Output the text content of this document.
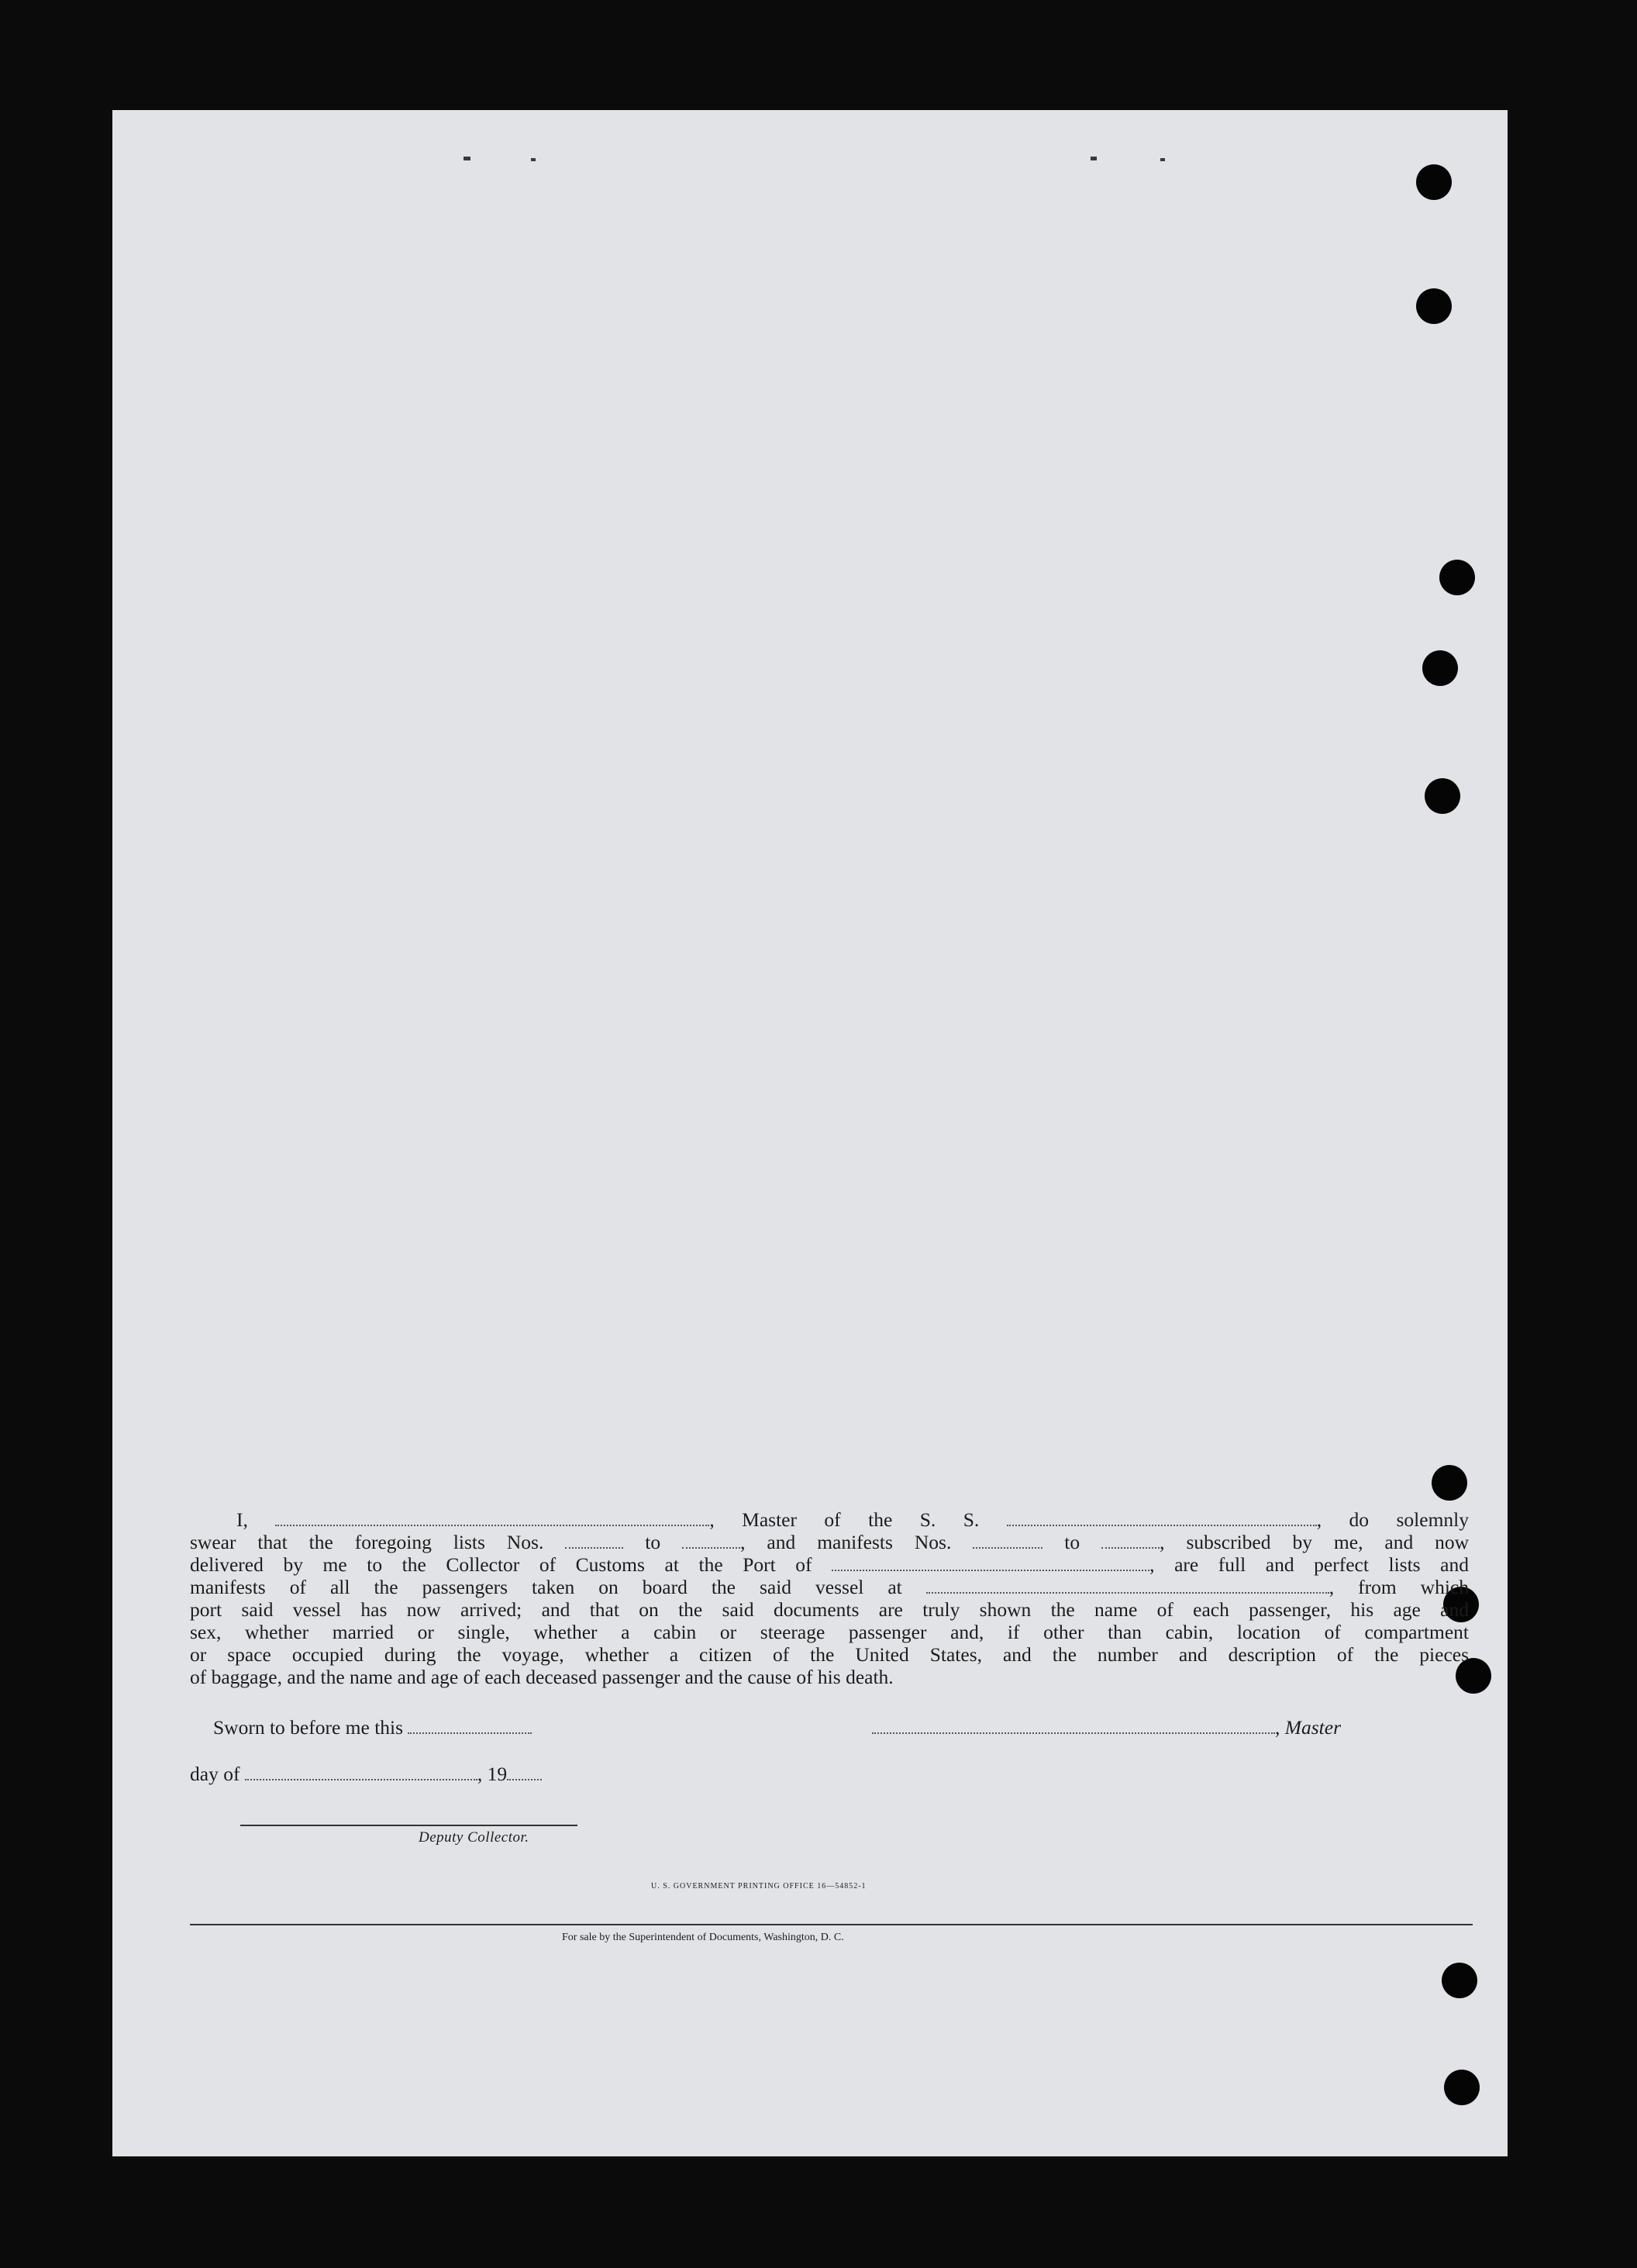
I,	, Master of the S. S.	, do solemnly

swear that the foregoing lists Nos.	to	, and manifests Nos.	to	, subscribed by me, and now

delivered by me to the Collector of Customs at the Port of	, are full and perfect lists and

manifests of all the passengers taken on board the said vessel at	, from which

port said vessel has now arrived; and that on the said documents are truly shown the name of each passenger, his age and

sex, whether married or single, whether a cabin or steerage passenger and, if other than cabin, location of compartment

or space occupied during the voyage, whether a citizen of the United States, and the number and description of the pieces

of baggage, and the name and age of each deceased passenger and the cause of his death.

Sworn to before me this	, Master
day of	, 19
Deputy Collector.
U. S. GOVERNMENT PRINTING OFFICE 16—54852-1
For sale by the Superintendent of Documents, Washington, D. C.
